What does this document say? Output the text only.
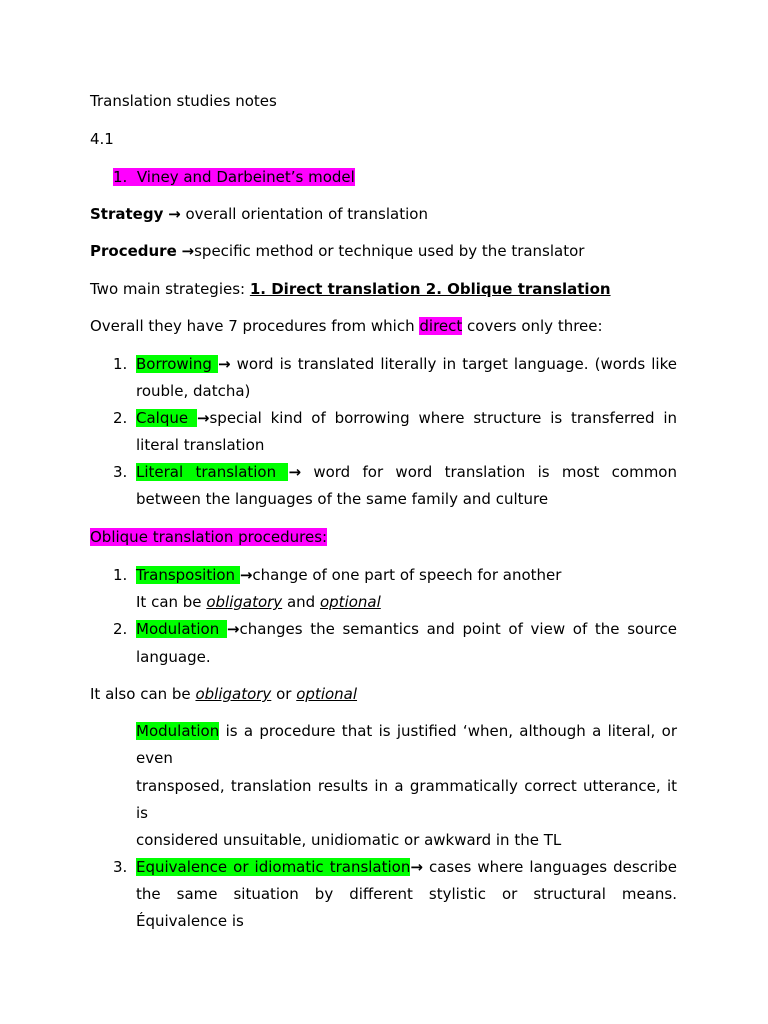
Translation studies notes
4.1
1. Viney and Darbeinet’s model
Strategy → overall orientation of translation
Procedure →specific method or technique used by the translator
Two main strategies: 1. Direct translation 2. Oblique translation
Overall they have 7 procedures from which direct covers only three:
1. Borrowing → word is translated literally in target language. (words like
rouble, datcha)
2. Calque →special kind of borrowing where structure is transferred in
literal translation
3. Literal translation → word for word translation is most common
between the languages of the same family and culture
Oblique translation procedures:
1. Transposition →change of one part of speech for another
It can be obligatory and optional
2. Modulation →changes the semantics and point of view of the source
language.
It also can be obligatory or optional
Modulation is a procedure that is justified ‘when, although a literal, or
even
transposed, translation results in a grammatically correct utterance, it
is
considered unsuitable, unidiomatic or awkward in the TL
3. Equivalence or idiomatic translation→ cases where languages describe
the same situation by different stylistic or structural means.
Équivalence is
